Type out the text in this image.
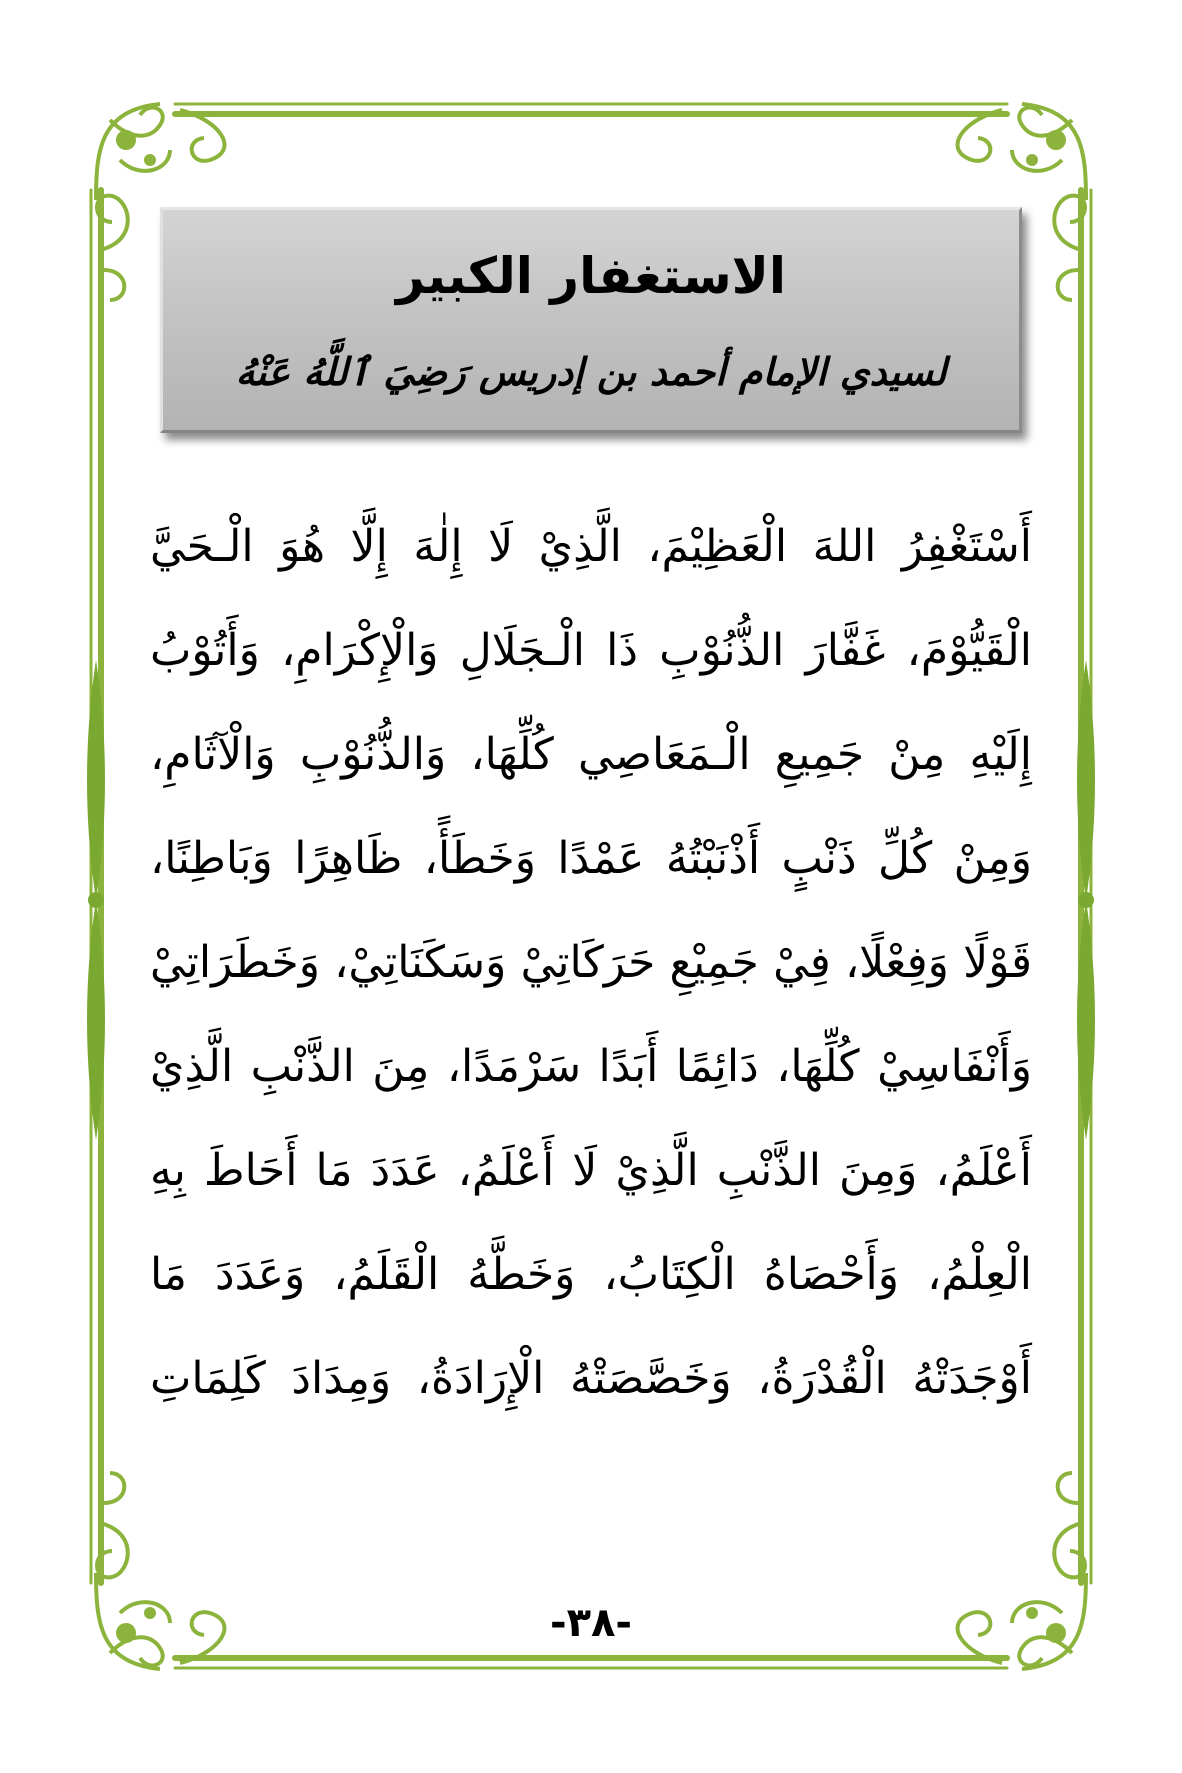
الاستغفار الكبير
لسيدي الإمام أحمد بن إدريس رَضِيَ ٱللَّهُ عَنْهُ
أَسْتَغْفِرُ اللهَ الْعَظِيْمَ، الَّذِيْ لَا إِلٰهَ إِلَّا هُوَ الْـحَيَّ
الْقَيُّوْمَ، غَفَّارَ الذُّنُوْبِ ذَا الْـجَلَالِ وَالْإِكْرَامِ، وَأَتُوْبُ
إِلَيْهِ مِنْ جَمِيعِ الْـمَعَاصِي كُلِّهَا، وَالذُّنُوْبِ وَالْآثَامِ،
وَمِنْ كُلِّ ذَنْبٍ أَذْنَبْتُهُ عَمْدًا وَخَطَأً، ظَاهِرًا وَبَاطِنًا،
قَوْلًا وَفِعْلًا، فِيْ جَمِيْعِ حَرَكَاتِيْ وَسَكَنَاتِيْ، وَخَطَرَاتِيْ
وَأَنْفَاسِيْ كُلِّهَا، دَائِمًا أَبَدًا سَرْمَدًا، مِنَ الذَّنْبِ الَّذِيْ
أَعْلَمُ، وَمِنَ الذَّنْبِ الَّذِيْ لَا أَعْلَمُ، عَدَدَ مَا أَحَاطَ بِهِ
الْعِلْمُ، وَأَحْصَاهُ الْكِتَابُ، وَخَطَّهُ الْقَلَمُ، وَعَدَدَ مَا
أَوْجَدَتْهُ الْقُدْرَةُ، وَخَصَّصَتْهُ الْإِرَادَةُ، وَمِدَادَ كَلِمَاتِ
-٣٨-
